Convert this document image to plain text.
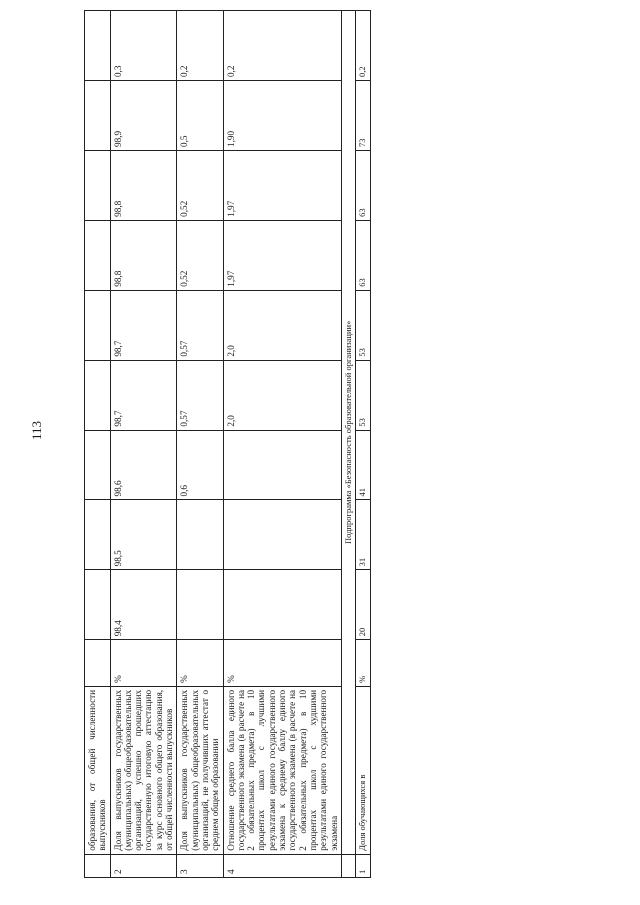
113
	образования, от общей численности выпускников										
2	Доля выпускников государственных (муниципальных) общеобразовательных организаций, успешно прошедших государственную итоговую аттестацию за курс основного общего образования, от общей численности выпускников	%	98,4	98,5	98,6	98,7	98,7	98,8	98,8	98,9	0,3
3	Доля выпускников государственных (муниципальных) общеобразовательных организаций, не получивших аттестат о среднем общем образовании	%			0,6	0,57	0,57	0,52	0,52	0,5	0,2
4	Отношение среднего балла единого государственного экзамена (в расчете на 2 обязательных предмета) в 10 процентах школ с лучшими результатами единого государственного экзамена к среднему баллу единого государственного экзамена (в расчете на 2 обязательных предмета) в 10 процентах школ с худшими результатами единого государственного экзамена	%				2,0	2,0	1,97	1,97	1,90	0,2
	Подпрограмма «Безопасность образовательной организации»										
1	Доля обучающихся в	%	20	31	41	53	53	63	63	73	0,2
